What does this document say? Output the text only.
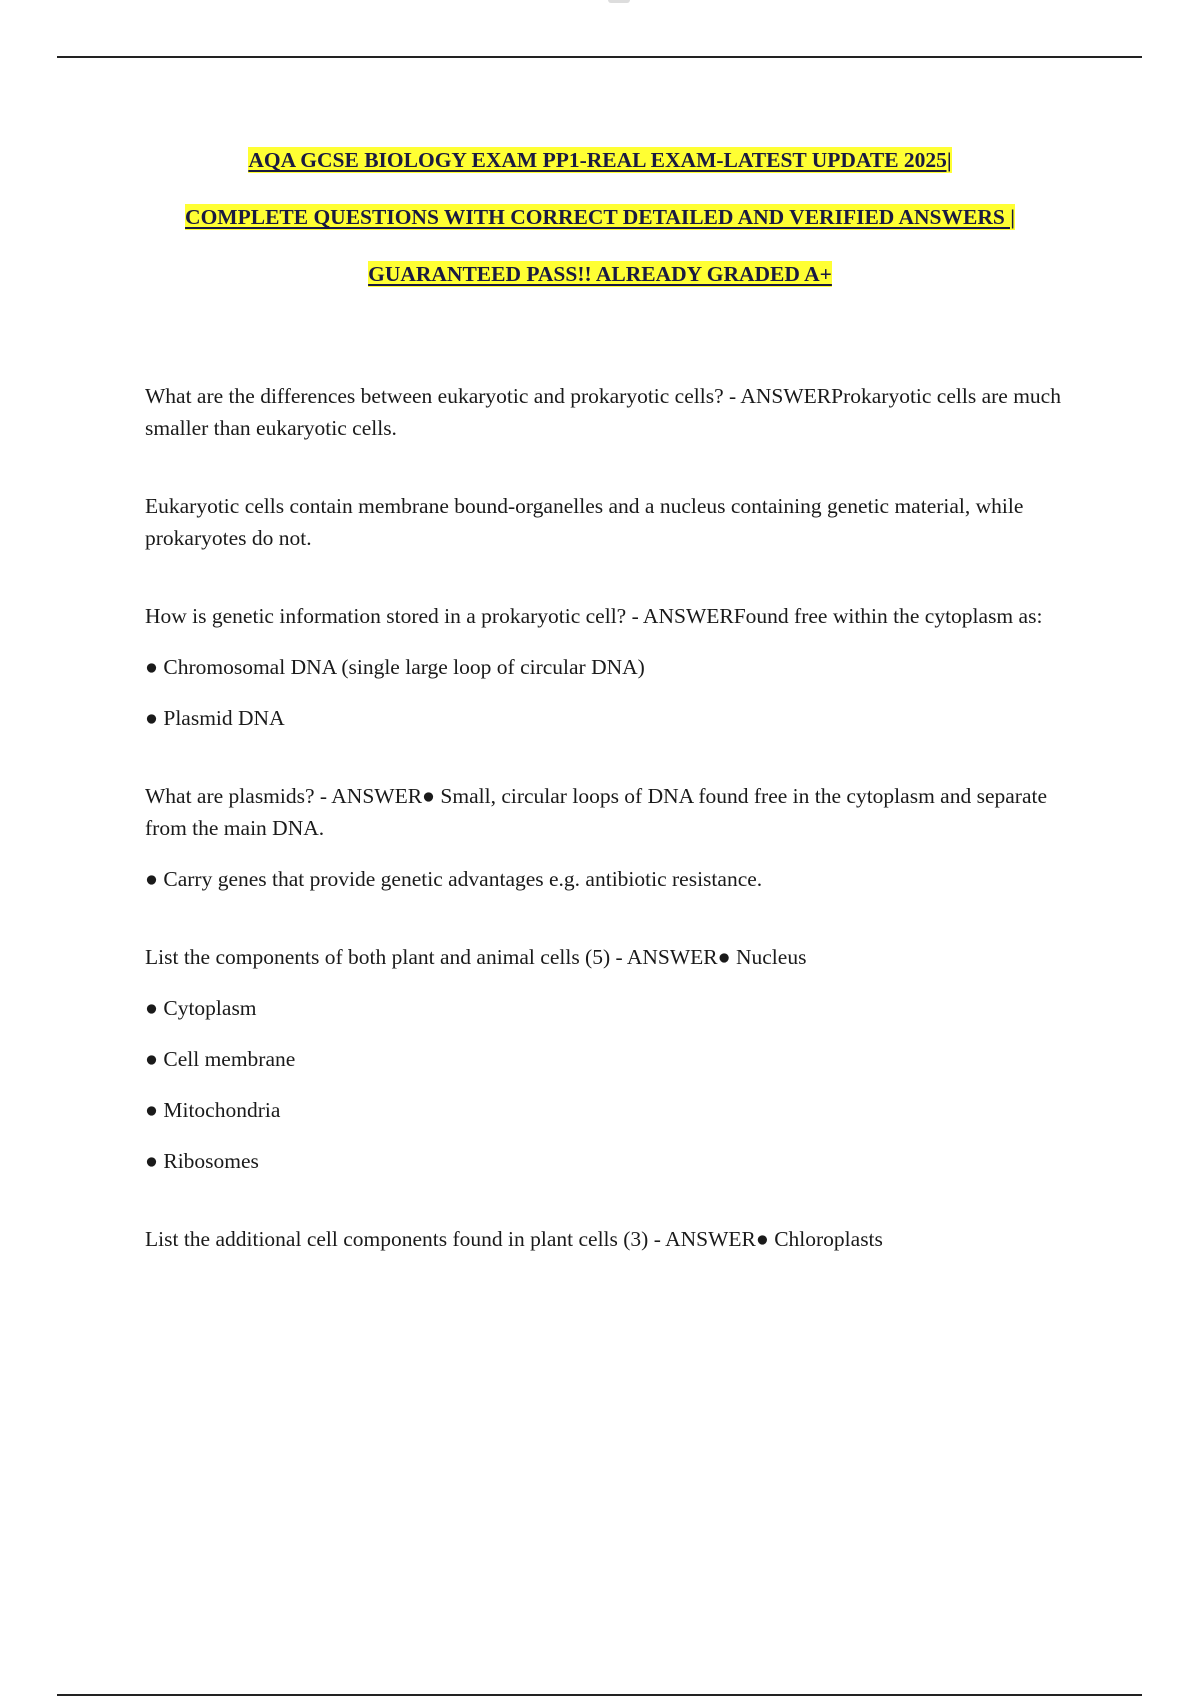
AQA GCSE BIOLOGY EXAM PP1-REAL EXAM-LATEST UPDATE 2025|
COMPLETE QUESTIONS WITH CORRECT DETAILED AND VERIFIED ANSWERS |
GUARANTEED PASS!! ALREADY GRADED A+

What are the differences between eukaryotic and prokaryotic cells? - ANSWERProkaryotic cells are much smaller than eukaryotic cells.

Eukaryotic cells contain membrane bound-organelles and a nucleus containing genetic material, while prokaryotes do not.

How is genetic information stored in a prokaryotic cell? - ANSWERFound free within the cytoplasm as:

● Chromosomal DNA (single large loop of circular DNA)

● Plasmid DNA

What are plasmids? - ANSWER● Small, circular loops of DNA found free in the cytoplasm and separate from the main DNA.

● Carry genes that provide genetic advantages e.g. antibiotic resistance.

List the components of both plant and animal cells (5) - ANSWER● Nucleus

● Cytoplasm

● Cell membrane

● Mitochondria

● Ribosomes

List the additional cell components found in plant cells (3) - ANSWER● Chloroplasts
